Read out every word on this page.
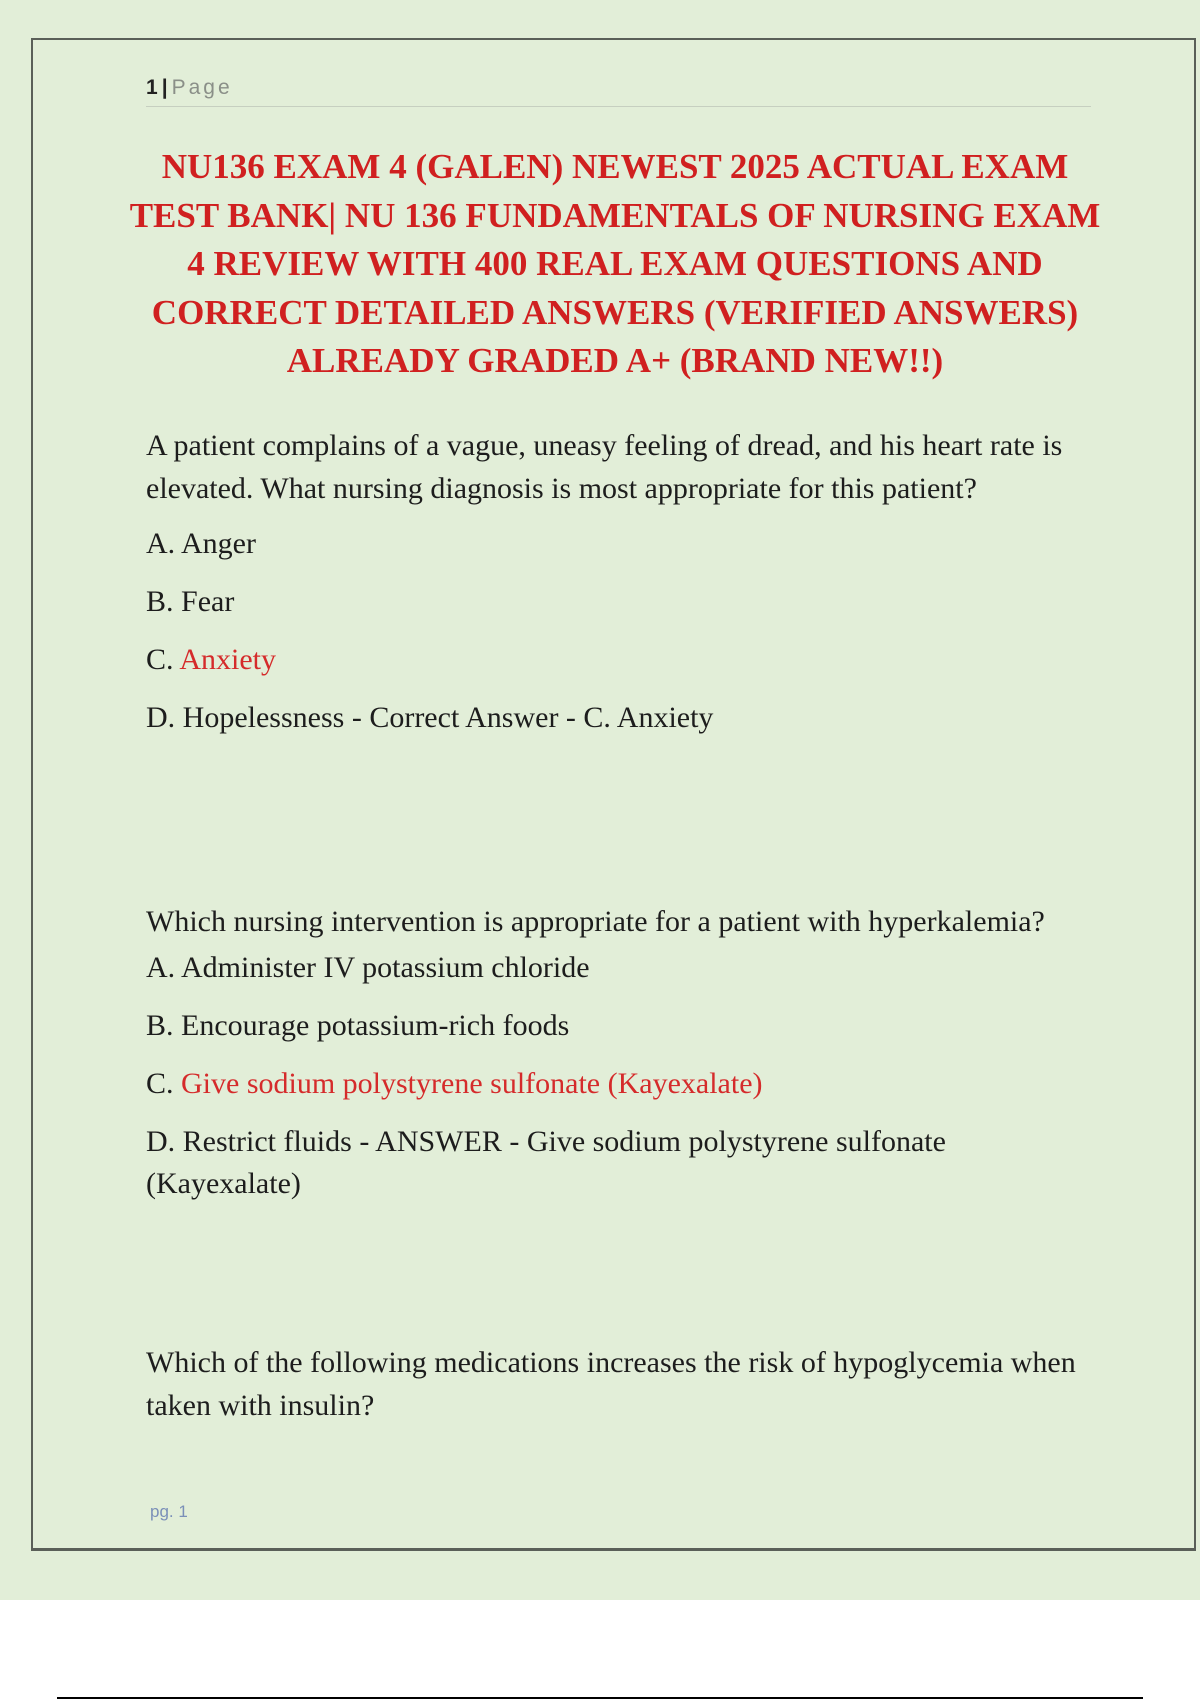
1 | Page
NU136 EXAM 4 (GALEN) NEWEST 2025 ACTUAL EXAM TEST BANK| NU 136 FUNDAMENTALS OF NURSING EXAM 4 REVIEW WITH 400 REAL EXAM QUESTIONS AND CORRECT DETAILED ANSWERS (VERIFIED ANSWERS) ALREADY GRADED A+ (BRAND NEW!!)

A patient complains of a vague, uneasy feeling of dread, and his heart rate is elevated. What nursing diagnosis is most appropriate for this patient?

A. Anger

B. Fear

C. Anxiety

D. Hopelessness - Correct Answer - C. Anxiety

Which nursing intervention is appropriate for a patient with hyperkalemia?

A. Administer IV potassium chloride

B. Encourage potassium-rich foods

C. Give sodium polystyrene sulfonate (Kayexalate)

D. Restrict fluids - ANSWER - Give sodium polystyrene sulfonate (Kayexalate)

Which of the following medications increases the risk of hypoglycemia when taken with insulin?

pg. 1
